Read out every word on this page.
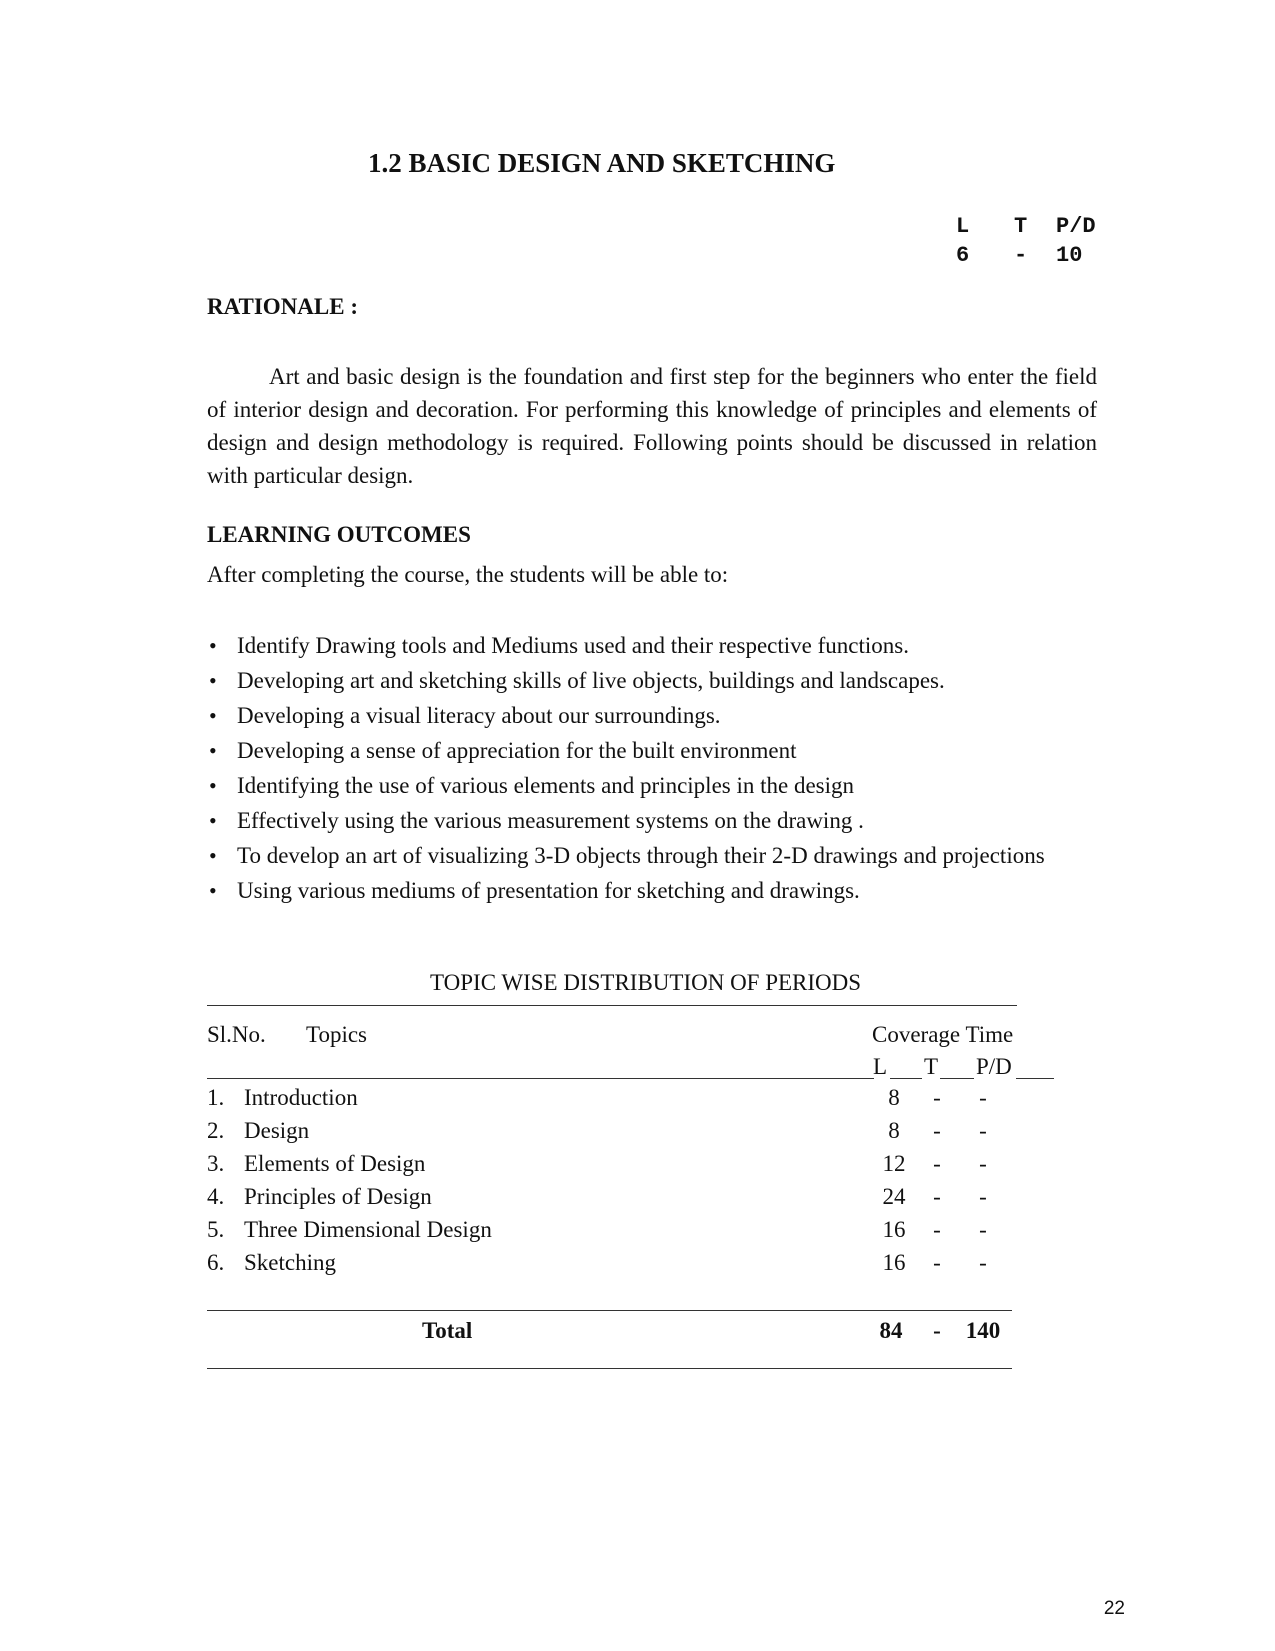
1.2 BASIC DESIGN AND SKETCHING
L T P/D
6 - 10
RATIONALE :

Art and basic design is the foundation and first step for the beginners who enter the field of interior design and decoration. For performing this knowledge of principles and elements of design and design methodology is required. Following points should be discussed in relation with particular design.

LEARNING OUTCOMES
After completing the course, the students will be able to:
• Identify Drawing tools and Mediums used and their respective functions.
• Developing art and sketching skills of live objects, buildings and landscapes.
• Developing a visual literacy about our surroundings.
• Developing a sense of appreciation for the built environment
• Identifying the use of various elements and principles in the design
• Effectively using the various measurement systems on the drawing .
• To develop an art of visualizing 3-D objects through their 2-D drawings and projections
• Using various mediums of presentation for sketching and drawings.
TOPIC WISE DISTRIBUTION OF PERIODS
Sl.No. Topics	Coverage Time
L T P/D
1. Introduction	8	- -
2. Design	8	- -
3. Elements of Design	12	- -
4. Principles of Design	24	- -
5. Three Dimensional Design	16	- -
6. Sketching	16	- -
Total	84	- 140
22
